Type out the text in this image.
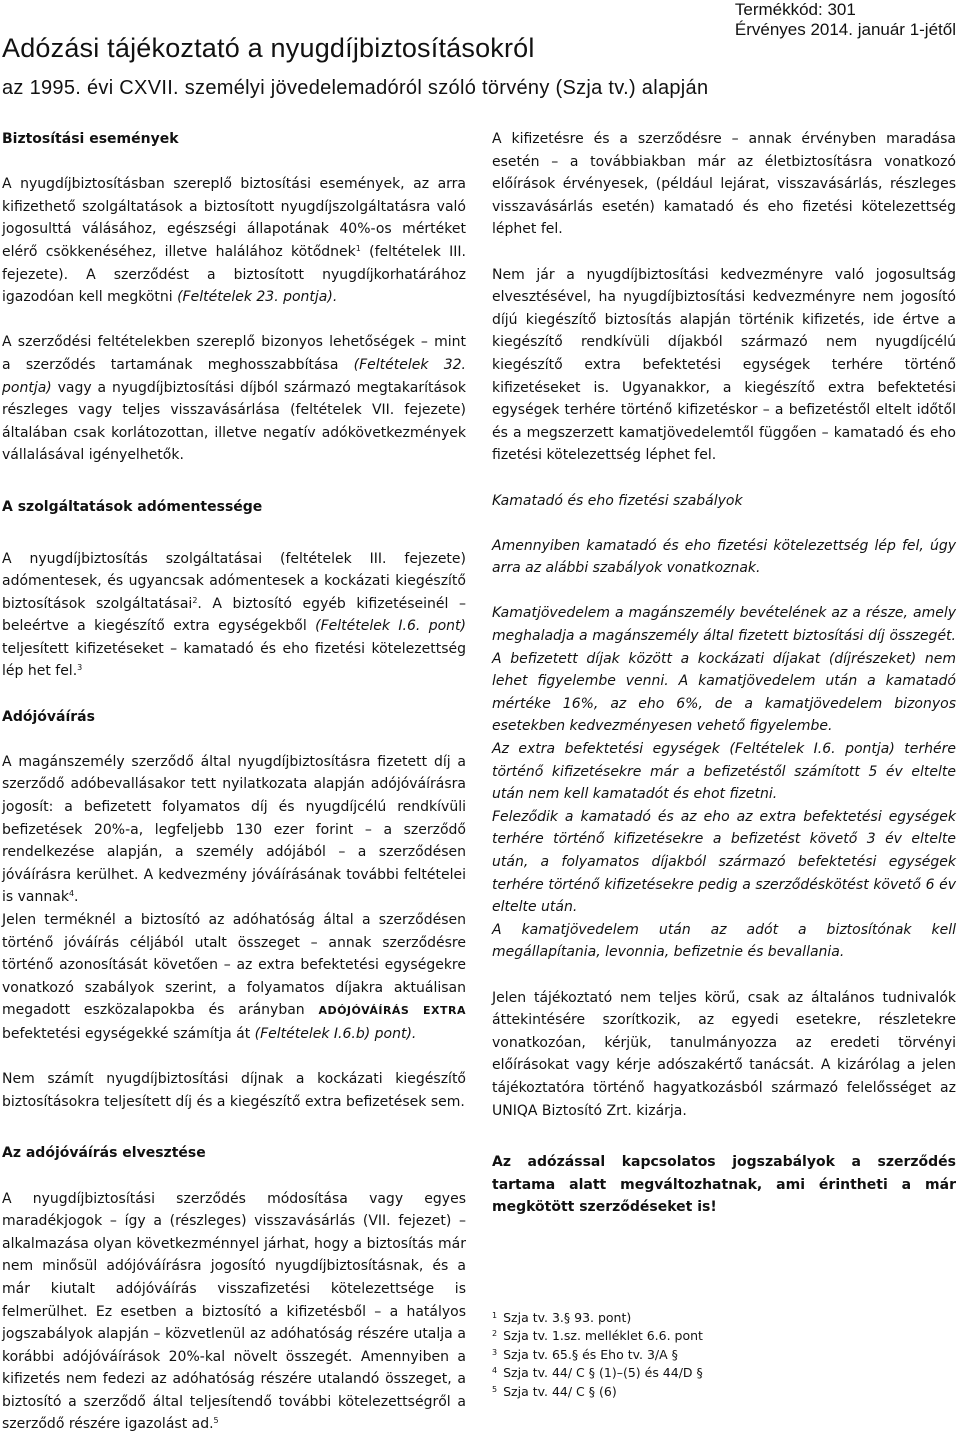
Adózási tájékoztató a nyugdíjbiztosításokról
az 1995. évi CXVII. személyi jövedelemadóról szóló törvény (Szja tv.) alapján
Termékkód: 301
Érvényes 2014. január 1-jétől
Biztosítási események

A nyugdíjbiztosításban szereplő biztosítási események, az arra kifizethető szolgáltatások a biztosított nyugdíjszolgáltatásra való jogosulttá válásához, egészségi állapotának 40%-os mértéket elérő csökkenéséhez, illetve halálához kötődnek$^1$ (feltételek III. fejezete). A szerződést a biztosított nyugdíjkorhatárához igazodóan kell megkötni (Feltételek 23. pontja).

A szerződési feltételekben szereplő bizonyos lehetőségek – mint a szerződés tartamának meghosszabbítása (Feltételek 32. pontja) vagy a nyugdíjbiztosítási díjból származó megtakarítások részleges vagy teljes visszavásárlása (feltételek VII. fejezete) általában csak korlátozottan, illetve negatív adókövetkezmények vállalásával igényelhetők.

A szolgáltatások adómentessége

A nyugdíjbiztosítás szolgáltatásai (feltételek III. fejezete) adómentesek, és ugyancsak adómentesek a kockázati kiegészítő biztosítások szolgáltatásai$^2$. A biztosító egyéb kifizetéseinél – beleértve a kiegészítő extra egységekből (Feltételek I.6. pont) teljesített kifizetéseket – kamatadó és eho fizetési kötelezettség lép het fel.$^3$

Adójóváírás

A magánszemély szerződő által nyugdíjbiztosításra fizetett díj a szerződő adóbevallásakor tett nyilatkozata alapján adójóváírásra jogosít: a befizetett folyamatos díj és nyugdíjcélú rendkívüli befizetések 20%-a, legfeljebb 130 ezer forint – a szerződő rendelkezése alapján, a személy adójából – a szerződésen jóváírásra kerülhet. A kedvezmény jóváírásának további feltételei is vannak$^4$.

Jelen terméknél a biztosító az adóhatóság által a szerződésen történő jóváírás céljából utalt összeget – annak szerződésre történő azonosítását követően – az extra befektetési egységekre vonatkozó szabályok szerint, a folyamatos díjakra aktuálisan megadott eszközalapokba és arányban ADÓJÓVÁÍRÁS EXTRA befektetési egységekké számítja át (Feltételek I.6.b) pont).

Nem számít nyugdíjbiztosítási díjnak a kockázati kiegészítő biztosításokra teljesített díj és a kiegészítő extra befizetések sem.

Az adójóváírás elvesztése

A nyugdíjbiztosítási szerződés módosítása vagy egyes maradékjogok – így a (részleges) visszavásárlás (VII. fejezet) – alkalmazása olyan következménnyel járhat, hogy a biztosítás már nem minősül adójóváírásra jogosító nyugdíjbiztosításnak, és a már kiutalt adójóváírás visszafizetési kötelezettsége is felmerülhet. Ez esetben a biztosító a kifizetésből – a hatályos jogszabályok alapján – közvetlenül az adóhatóság részére utalja a korábbi adójóváírások 20%-kal növelt összegét. Amennyiben a kifizetés nem fedezi az adóhatóság részére utalandó összeget, a biztosító a szerződő által teljesítendő további kötelezettségről a szerződő részére igazolást ad.$^5$

A kifizetésre és a szerződésre – annak érvényben maradása esetén – a továbbiakban már az életbiztosításra vonatkozó előírások érvényesek, (például lejárat, visszavásárlás, részleges visszavásárlás esetén) kamatadó és eho fizetési kötelezettség léphet fel.

Nem jár a nyugdíjbiztosítási kedvezményre való jogosultság elvesztésével, ha nyugdíjbiztosítási kedvezményre nem jogosító díjú kiegészítő biztosítás alapján történik kifizetés, ide értve a kiegészítő rendkívüli díjakból származó nem nyugdíjcélú kiegészítő extra befektetési egységek terhére történő kifizetéseket is. Ugyanakkor, a kiegészítő extra befektetési egységek terhére történő kifizetéskor – a befizetéstől eltelt időtől és a megszerzett kamatjövedelemtől függően – kamatadó és eho fizetési kötelezettség léphet fel.

Kamatadó és eho fizetési szabályok

Amennyiben kamatadó és eho fizetési kötelezettség lép fel, úgy arra az alábbi szabályok vonatkoznak.

Kamatjövedelem a magánszemély bevételének az a része, amely meghaladja a magánszemély által fizetett biztosítási díj összegét. A befizetett díjak között a kockázati díjakat (díjrészeket) nem lehet figyelembe venni. A kamatjövedelem után a kamatadó mértéke 16%, az eho 6%, de a kamatjövedelem bizonyos esetekben kedvezményesen vehető figyelembe.

Az extra befektetési egységek (Feltételek I.6. pontja) terhére történő kifizetésekre már a befizetéstől számított 5 év eltelte után nem kell kamatadót és ehot fizetni.

Feleződik a kamatadó és az eho az extra befektetési egységek terhére történő kifizetésekre a befizetést követő 3 év eltelte után, a folyamatos díjakból származó befektetési egységek terhére történő kifizetésekre pedig a szerződéskötést követő 6 év eltelte után.

A kamatjövedelem után az adót a biztosítónak kell megállapítania, levonnia, befizetnie és bevallania.

Jelen tájékoztató nem teljes körű, csak az általános tudnivalók áttekintésére szorítkozik, az egyedi esetekre, részletekre vonatkozóan, kérjük, tanulmányozza az eredeti törvényi előírásokat vagy kérje adószakértő tanácsát. A kizárólag a jelen tájékoztatóra történő hagyatkozásból származó felelősséget az UNIQA Biztosító Zrt. kizárja.

Az adózással kapcsolatos jogszabályok a szerződés tartama alatt megváltozhatnak, ami érintheti a már megkötött szerződéseket is!

$^1$ Szja tv. 3.§ 93. pont)
$^2$ Szja tv. 1.sz. melléklet 6.6. pont
$^3$ Szja tv. 65.§ és Eho tv. 3/A §
$^4$ Szja tv. 44/ C § (1)–(5) és 44/D §
$^5$ Szja tv. 44/ C § (6)
